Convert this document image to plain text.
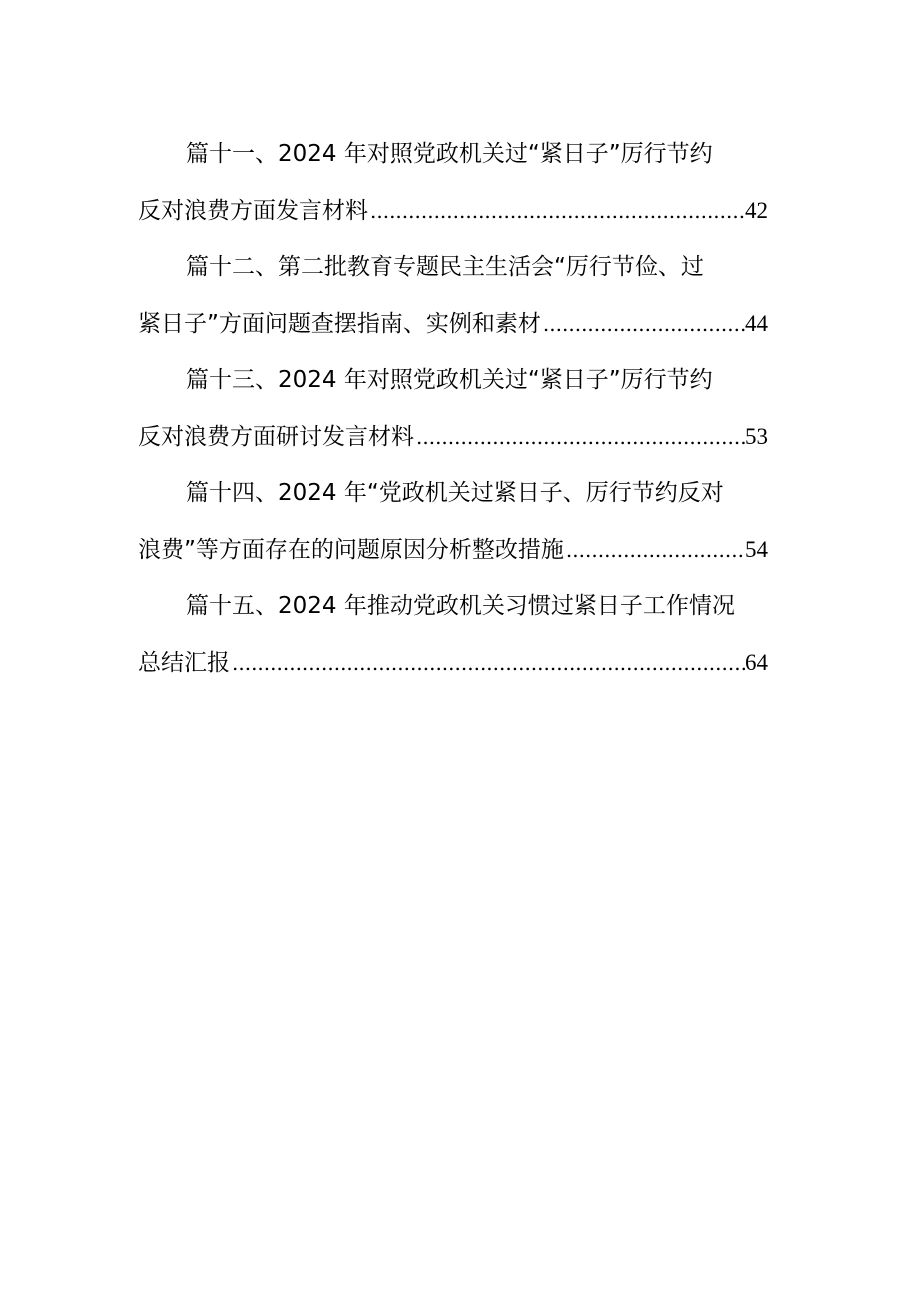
篇十一、2024 年对照党政机关过“紧日子”厉行节约
反对浪费方面发言材料 .....	42
篇十二、第二批教育专题民主生活会“厉行节俭、过
紧日子”方面问题查摆指南、实例和素材 .....	44
篇十三、2024 年对照党政机关过“紧日子”厉行节约
反对浪费方面研讨发言材料 .....	53
篇十四、2024 年“党政机关过紧日子、厉行节约反对
浪费”等方面存在的问题原因分析整改措施 .....	54
篇十五、2024 年推动党政机关习惯过紧日子工作情况
总结汇报 .....	64
